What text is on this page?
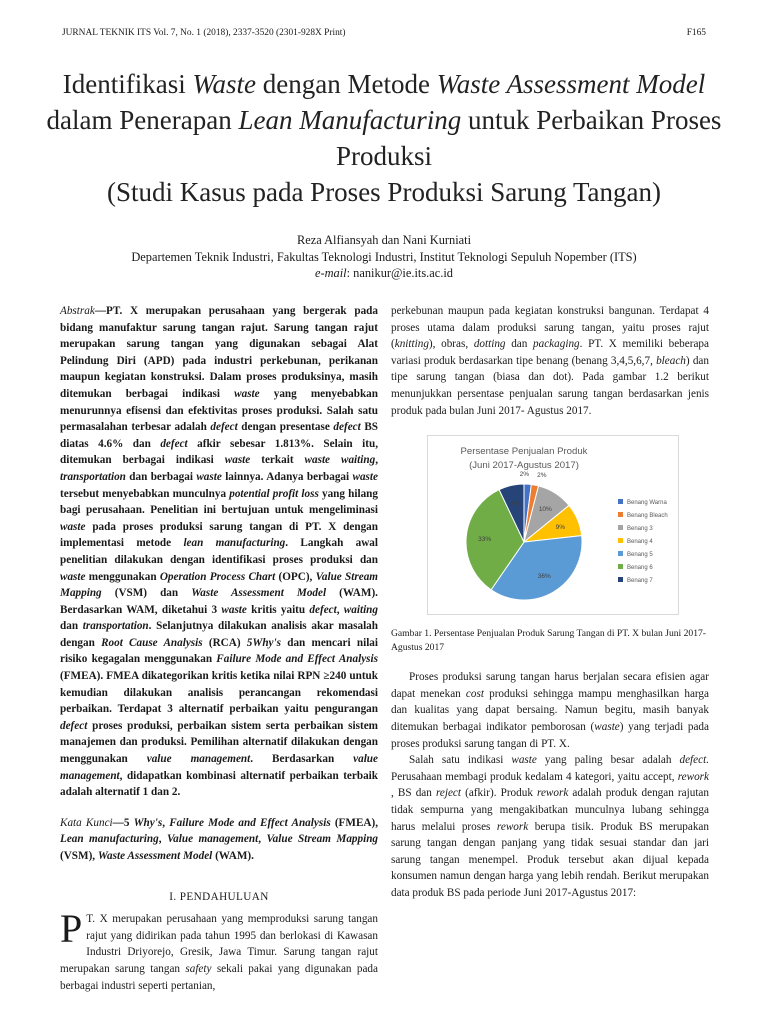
JURNAL TEKNIK ITS Vol. 7, No. 1 (2018), 2337-3520 (2301-928X Print)	F165
Identifikasi Waste dengan Metode Waste Assessment Model dalam Penerapan Lean Manufacturing untuk Perbaikan Proses Produksi
(Studi Kasus pada Proses Produksi Sarung Tangan)
Reza Alfiansyah dan Nani Kurniati
Departemen Teknik Industri, Fakultas Teknologi Industri, Institut Teknologi Sepuluh Nopember (ITS)
e-mail: nanikur@ie.its.ac.id

Abstrak—PT. X merupakan perusahaan yang bergerak pada bidang manufaktur sarung tangan rajut. Sarung tangan rajut merupakan sarung tangan yang digunakan sebagai Alat Pelindung Diri (APD) pada industri perkebunan, perikanan maupun kegiatan konstruksi. Dalam proses produksinya, masih ditemukan berbagai indikasi waste yang menyebabkan menurunnya efisensi dan efektivitas proses produksi. Salah satu permasalahan terbesar adalah defect dengan presentase defect BS diatas 4.6% dan defect afkir sebesar 1.813%. Selain itu, ditemukan berbagai indikasi waste terkait waste waiting, transportation dan berbagai waste lainnya. Adanya berbagai waste tersebut menyebabkan munculnya potential profit loss yang hilang bagi perusahaan. Penelitian ini bertujuan untuk mengeliminasi waste pada proses produksi sarung tangan di PT. X dengan implementasi metode lean manufacturing. Langkah awal penelitian dilakukan dengan identifikasi proses produksi dan waste menggunakan Operation Process Chart (OPC), Value Stream Mapping (VSM) dan Waste Assessment Model (WAM). Berdasarkan WAM, diketahui 3 waste kritis yaitu defect, waiting dan transportation. Selanjutnya dilakukan analisis akar masalah dengan Root Cause Analysis (RCA) 5Why's dan mencari nilai risiko kegagalan menggunakan Failure Mode and Effect Analysis (FMEA). FMEA dikategorikan kritis ketika nilai RPN ≥240 untuk kemudian dilakukan analisis perancangan rekomendasi perbaikan. Terdapat 3 alternatif perbaikan yaitu pengurangan defect proses produksi, perbaikan sistem serta perbaikan sistem manajemen dan produksi. Pemilihan alternatif dilakukan dengan menggunakan value management. Berdasarkan value management, didapatkan kombinasi alternatif perbaikan terbaik adalah alternatif 1 dan 2.

Kata Kunci—5 Why's, Failure Mode and Effect Analysis (FMEA), Lean manufacturing, Value management, Value Stream Mapping (VSM), Waste Assessment Model (WAM).

I. PENDAHULUAN

P T. X merupakan perusahaan yang memproduksi sarung tangan rajut yang didirikan pada tahun 1995 dan berlokasi di Kawasan Industri Driyorejo, Gresik, Jawa Timur. Sarung tangan rajut merupakan sarung tangan safety sekali pakai yang digunakan pada berbagai industri seperti pertanian,

perkebunan maupun pada kegiatan konstruksi bangunan. Terdapat 4 proses utama dalam produksi sarung tangan, yaitu proses rajut (knitting), obras, dotting dan packaging. PT. X memiliki beberapa variasi produk berdasarkan tipe benang (benang 3,4,5,6,7, bleach) dan tipe sarung tangan (biasa dan dot). Pada gambar 1.2 berikut menunjukkan persentase penjualan sarung tangan berdasarkan jenis produk pada bulan Juni 2017- Agustus 2017.

Persentase Penjualan Produk
(Juni 2017-Agustus 2017)
2% 2%
10%
9%
36%
33%
7%	Benang Warna
Benang Bleach
Benang 3
Benang 4
Benang 5
Benang 6
Benang 7

Gambar 1. Persentase Penjualan Produk Sarung Tangan di PT. X bulan Juni 2017-Agustus 2017

Proses produksi sarung tangan harus berjalan secara efisien agar dapat menekan cost produksi sehingga mampu menghasilkan harga dan kualitas yang dapat bersaing. Namun begitu, masih banyak ditemukan berbagai indikator pemborosan (waste) yang terjadi pada proses produksi sarung tangan di PT. X.

Salah satu indikasi waste yang paling besar adalah defect. Perusahaan membagi produk kedalam 4 kategori, yaitu accept, rework , BS dan reject (afkir). Produk rework adalah produk dengan rajutan tidak sempurna yang mengakibatkan munculnya lubang sehingga harus melalui proses rework berupa tisik. Produk BS merupakan sarung tangan dengan panjang yang tidak sesuai standar dan jari sarung tangan menempel. Produk tersebut akan dijual kepada konsumen namun dengan harga yang lebih rendah. Berikut merupakan data produk BS pada periode Juni 2017-Agustus 2017:
